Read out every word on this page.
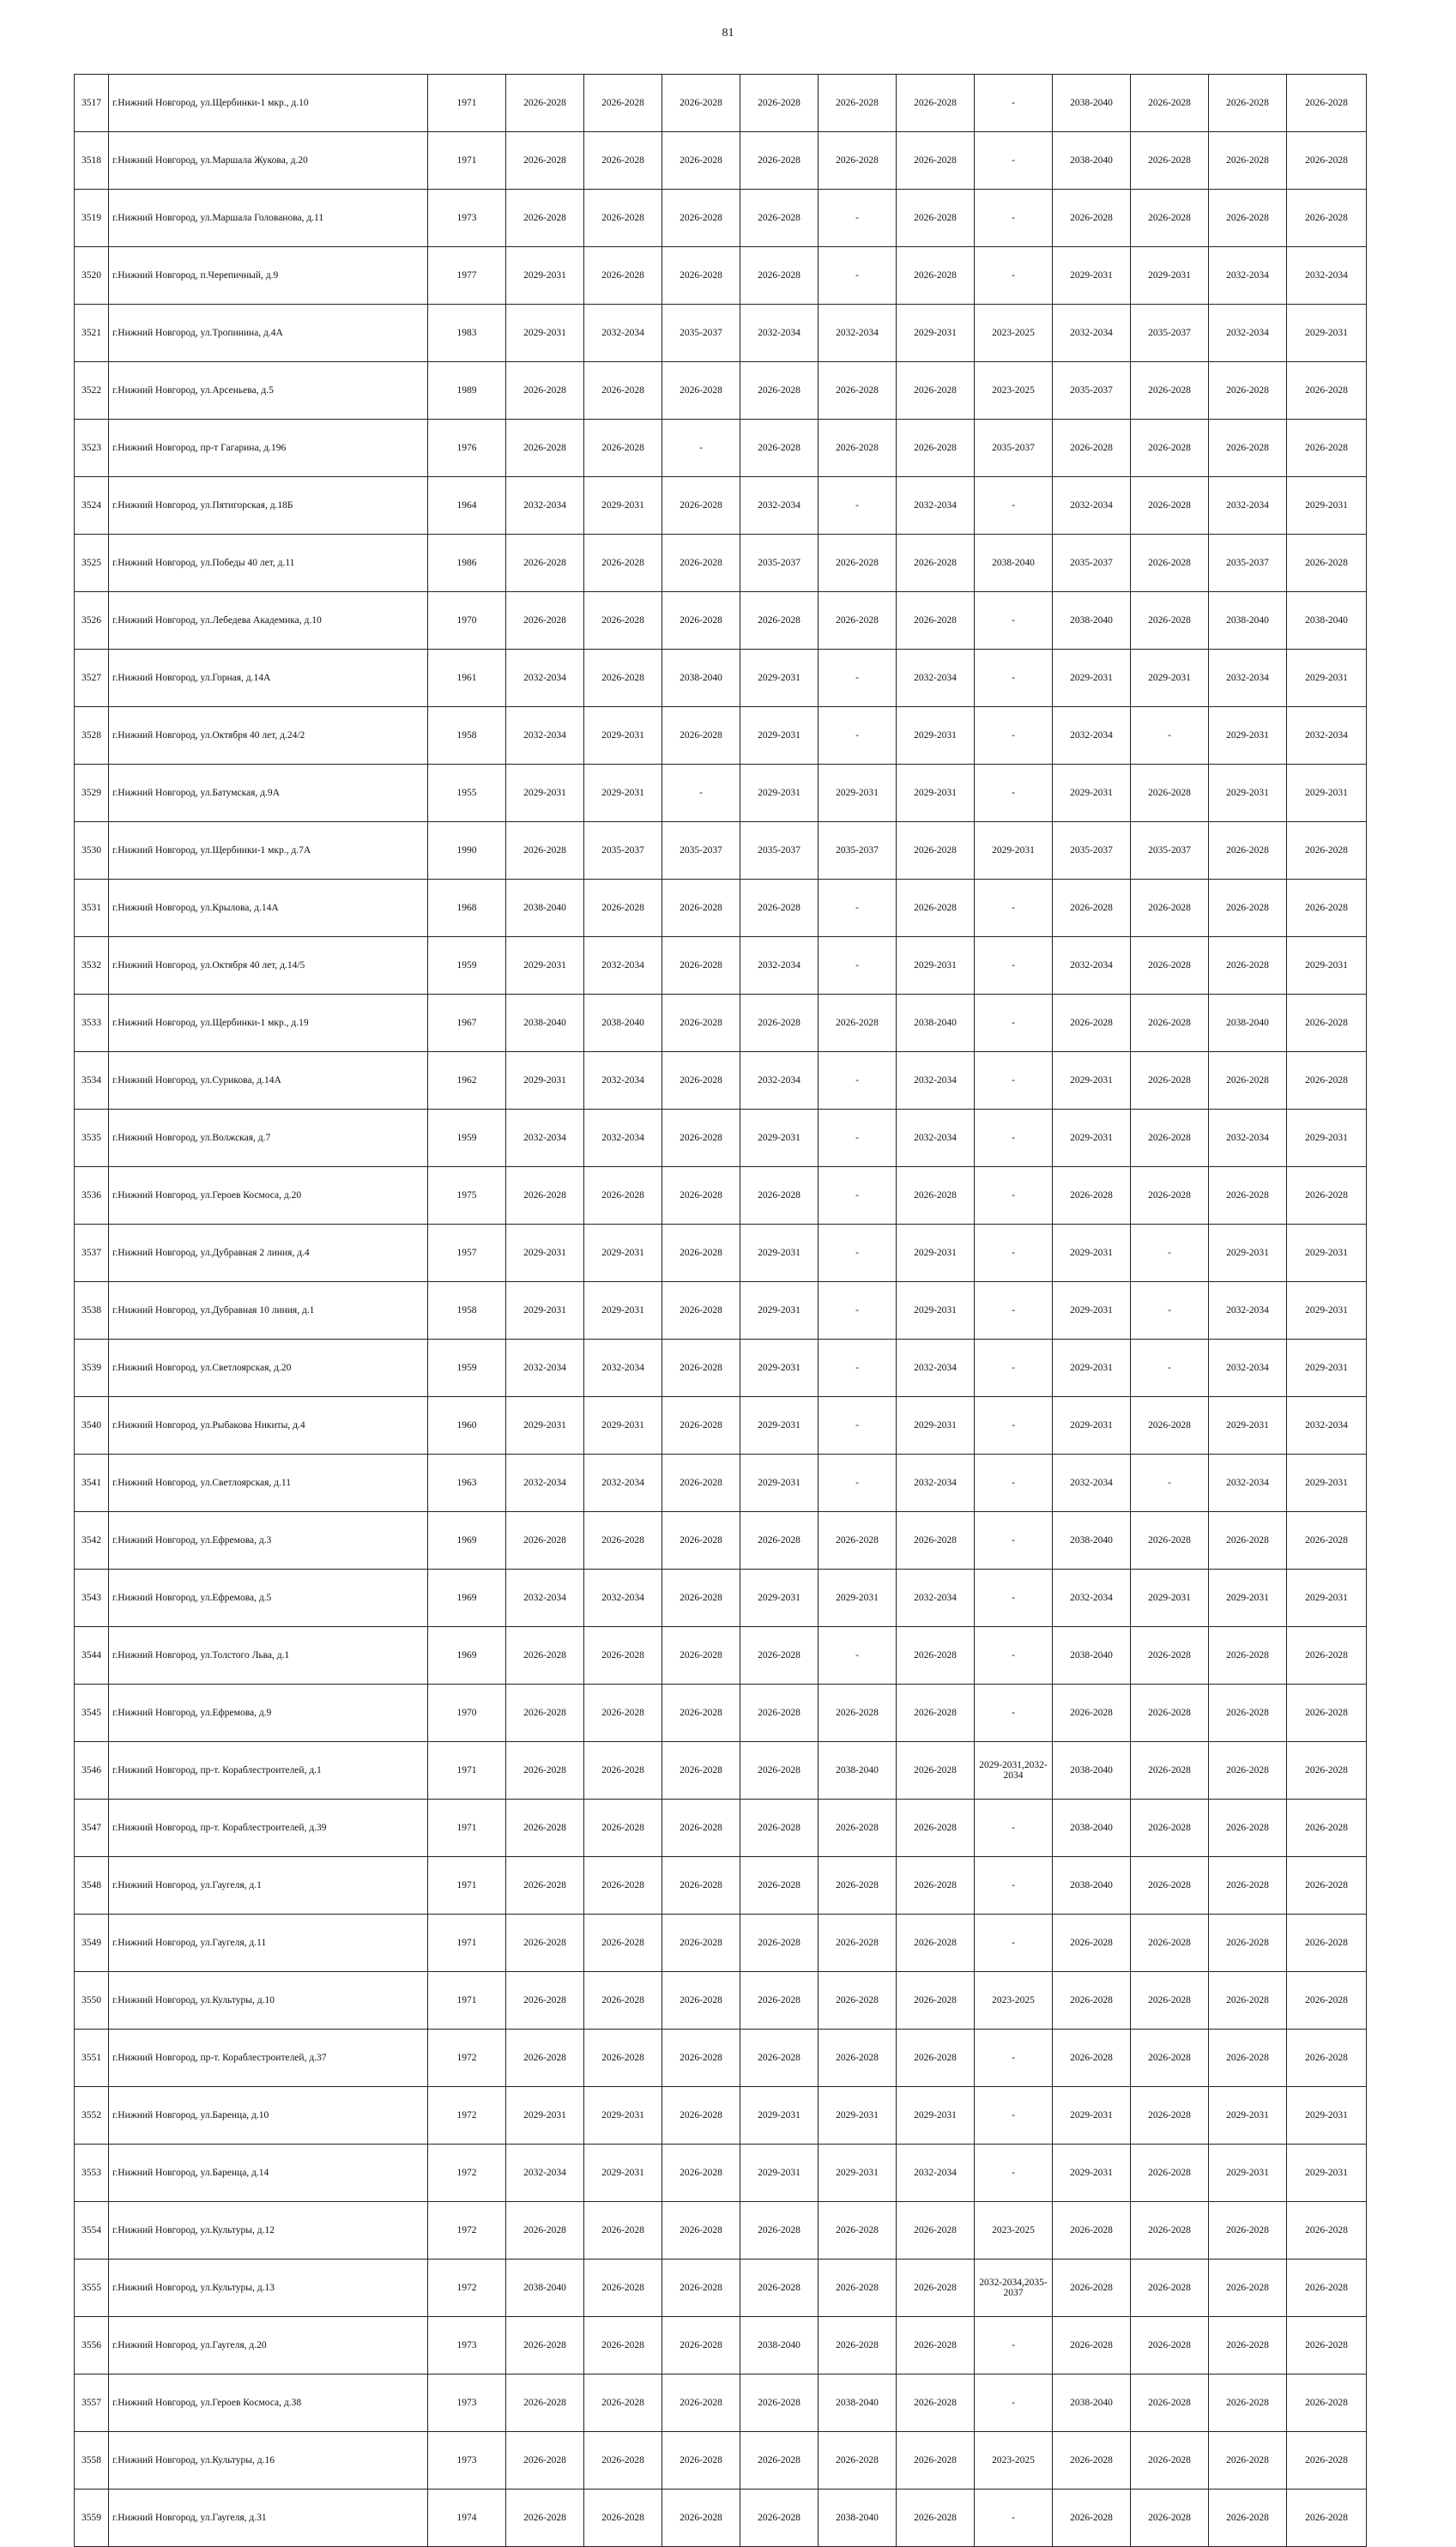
81
3517	г.Нижний Новгород, ул.Щербинки-1 мкр., д.10	1971	2026-2028	2026-2028	2026-2028	2026-2028	2026-2028	2026-2028	-	2038-2040	2026-2028	2026-2028	2026-2028
3518	г.Нижний Новгород, ул.Маршала Жукова, д.20	1971	2026-2028	2026-2028	2026-2028	2026-2028	2026-2028	2026-2028	-	2038-2040	2026-2028	2026-2028	2026-2028
3519	г.Нижний Новгород, ул.Маршала Голованова, д.11	1973	2026-2028	2026-2028	2026-2028	2026-2028	-	2026-2028	-	2026-2028	2026-2028	2026-2028	2026-2028
3520	г.Нижний Новгород, п.Черепичный, д.9	1977	2029-2031	2026-2028	2026-2028	2026-2028	-	2026-2028	-	2029-2031	2029-2031	2032-2034	2032-2034
3521	г.Нижний Новгород, ул.Тропинина, д.4А	1983	2029-2031	2032-2034	2035-2037	2032-2034	2032-2034	2029-2031	2023-2025	2032-2034	2035-2037	2032-2034	2029-2031
3522	г.Нижний Новгород, ул.Арсеньева, д.5	1989	2026-2028	2026-2028	2026-2028	2026-2028	2026-2028	2026-2028	2023-2025	2035-2037	2026-2028	2026-2028	2026-2028
3523	г.Нижний Новгород, пр-т Гагарина, д.196	1976	2026-2028	2026-2028	-	2026-2028	2026-2028	2026-2028	2035-2037	2026-2028	2026-2028	2026-2028	2026-2028
3524	г.Нижний Новгород, ул.Пятигорская, д.18Б	1964	2032-2034	2029-2031	2026-2028	2032-2034	-	2032-2034	-	2032-2034	2026-2028	2032-2034	2029-2031
3525	г.Нижний Новгород, ул.Победы 40 лет, д.11	1986	2026-2028	2026-2028	2026-2028	2035-2037	2026-2028	2026-2028	2038-2040	2035-2037	2026-2028	2035-2037	2026-2028
3526	г.Нижний Новгород, ул.Лебедева Академика, д.10	1970	2026-2028	2026-2028	2026-2028	2026-2028	2026-2028	2026-2028	-	2038-2040	2026-2028	2038-2040	2038-2040
3527	г.Нижний Новгород, ул.Горная, д.14А	1961	2032-2034	2026-2028	2038-2040	2029-2031	-	2032-2034	-	2029-2031	2029-2031	2032-2034	2029-2031
3528	г.Нижний Новгород, ул.Октября 40 лет, д.24/2	1958	2032-2034	2029-2031	2026-2028	2029-2031	-	2029-2031	-	2032-2034	-	2029-2031	2032-2034
3529	г.Нижний Новгород, ул.Батумская, д.9А	1955	2029-2031	2029-2031	-	2029-2031	2029-2031	2029-2031	-	2029-2031	2026-2028	2029-2031	2029-2031
3530	г.Нижний Новгород, ул.Щербинки-1 мкр., д.7А	1990	2026-2028	2035-2037	2035-2037	2035-2037	2035-2037	2026-2028	2029-2031	2035-2037	2035-2037	2026-2028	2026-2028
3531	г.Нижний Новгород, ул.Крылова, д.14А	1968	2038-2040	2026-2028	2026-2028	2026-2028	-	2026-2028	-	2026-2028	2026-2028	2026-2028	2026-2028
3532	г.Нижний Новгород, ул.Октября 40 лет, д.14/5	1959	2029-2031	2032-2034	2026-2028	2032-2034	-	2029-2031	-	2032-2034	2026-2028	2026-2028	2029-2031
3533	г.Нижний Новгород, ул.Щербинки-1 мкр., д.19	1967	2038-2040	2038-2040	2026-2028	2026-2028	2026-2028	2038-2040	-	2026-2028	2026-2028	2038-2040	2026-2028
3534	г.Нижний Новгород, ул.Сурикова, д.14А	1962	2029-2031	2032-2034	2026-2028	2032-2034	-	2032-2034	-	2029-2031	2026-2028	2026-2028	2026-2028
3535	г.Нижний Новгород, ул.Волжская, д.7	1959	2032-2034	2032-2034	2026-2028	2029-2031	-	2032-2034	-	2029-2031	2026-2028	2032-2034	2029-2031
3536	г.Нижний Новгород, ул.Героев Космоса, д.20	1975	2026-2028	2026-2028	2026-2028	2026-2028	-	2026-2028	-	2026-2028	2026-2028	2026-2028	2026-2028
3537	г.Нижний Новгород, ул.Дубравная 2 линия, д.4	1957	2029-2031	2029-2031	2026-2028	2029-2031	-	2029-2031	-	2029-2031	-	2029-2031	2029-2031
3538	г.Нижний Новгород, ул.Дубравная 10 линия, д.1	1958	2029-2031	2029-2031	2026-2028	2029-2031	-	2029-2031	-	2029-2031	-	2032-2034	2029-2031
3539	г.Нижний Новгород, ул.Светлоярская, д.20	1959	2032-2034	2032-2034	2026-2028	2029-2031	-	2032-2034	-	2029-2031	-	2032-2034	2029-2031
3540	г.Нижний Новгород, ул.Рыбакова Никиты, д.4	1960	2029-2031	2029-2031	2026-2028	2029-2031	-	2029-2031	-	2029-2031	2026-2028	2029-2031	2032-2034
3541	г.Нижний Новгород, ул.Светлоярская, д.11	1963	2032-2034	2032-2034	2026-2028	2029-2031	-	2032-2034	-	2032-2034	-	2032-2034	2029-2031
3542	г.Нижний Новгород, ул.Ефремова, д.3	1969	2026-2028	2026-2028	2026-2028	2026-2028	2026-2028	2026-2028	-	2038-2040	2026-2028	2026-2028	2026-2028
3543	г.Нижний Новгород, ул.Ефремова, д.5	1969	2032-2034	2032-2034	2026-2028	2029-2031	2029-2031	2032-2034	-	2032-2034	2029-2031	2029-2031	2029-2031
3544	г.Нижний Новгород, ул.Толстого Льва, д.1	1969	2026-2028	2026-2028	2026-2028	2026-2028	-	2026-2028	-	2038-2040	2026-2028	2026-2028	2026-2028
3545	г.Нижний Новгород, ул.Ефремова, д.9	1970	2026-2028	2026-2028	2026-2028	2026-2028	2026-2028	2026-2028	-	2026-2028	2026-2028	2026-2028	2026-2028
3546	г.Нижний Новгород, пр-т. Кораблестроителей, д.1	1971	2026-2028	2026-2028	2026-2028	2026-2028	2038-2040	2026-2028	2029-2031,2032-2034	2038-2040	2026-2028	2026-2028	2026-2028
3547	г.Нижний Новгород, пр-т. Кораблестроителей, д.39	1971	2026-2028	2026-2028	2026-2028	2026-2028	2026-2028	2026-2028	-	2038-2040	2026-2028	2026-2028	2026-2028
3548	г.Нижний Новгород, ул.Гаугеля, д.1	1971	2026-2028	2026-2028	2026-2028	2026-2028	2026-2028	2026-2028	-	2038-2040	2026-2028	2026-2028	2026-2028
3549	г.Нижний Новгород, ул.Гаугеля, д.11	1971	2026-2028	2026-2028	2026-2028	2026-2028	2026-2028	2026-2028	-	2026-2028	2026-2028	2026-2028	2026-2028
3550	г.Нижний Новгород, ул.Культуры, д.10	1971	2026-2028	2026-2028	2026-2028	2026-2028	2026-2028	2026-2028	2023-2025	2026-2028	2026-2028	2026-2028	2026-2028
3551	г.Нижний Новгород, пр-т. Кораблестроителей, д.37	1972	2026-2028	2026-2028	2026-2028	2026-2028	2026-2028	2026-2028	-	2026-2028	2026-2028	2026-2028	2026-2028
3552	г.Нижний Новгород, ул.Баренца, д.10	1972	2029-2031	2029-2031	2026-2028	2029-2031	2029-2031	2029-2031	-	2029-2031	2026-2028	2029-2031	2029-2031
3553	г.Нижний Новгород, ул.Баренца, д.14	1972	2032-2034	2029-2031	2026-2028	2029-2031	2029-2031	2032-2034	-	2029-2031	2026-2028	2029-2031	2029-2031
3554	г.Нижний Новгород, ул.Культуры, д.12	1972	2026-2028	2026-2028	2026-2028	2026-2028	2026-2028	2026-2028	2023-2025	2026-2028	2026-2028	2026-2028	2026-2028
3555	г.Нижний Новгород, ул.Культуры, д.13	1972	2038-2040	2026-2028	2026-2028	2026-2028	2026-2028	2026-2028	2032-2034,2035-2037	2026-2028	2026-2028	2026-2028	2026-2028
3556	г.Нижний Новгород, ул.Гаугеля, д.20	1973	2026-2028	2026-2028	2026-2028	2038-2040	2026-2028	2026-2028	-	2026-2028	2026-2028	2026-2028	2026-2028
3557	г.Нижний Новгород, ул.Героев Космоса, д.38	1973	2026-2028	2026-2028	2026-2028	2026-2028	2038-2040	2026-2028	-	2038-2040	2026-2028	2026-2028	2026-2028
3558	г.Нижний Новгород, ул.Культуры, д.16	1973	2026-2028	2026-2028	2026-2028	2026-2028	2026-2028	2026-2028	2023-2025	2026-2028	2026-2028	2026-2028	2026-2028
3559	г.Нижний Новгород, ул.Гаугеля, д.31	1974	2026-2028	2026-2028	2026-2028	2026-2028	2038-2040	2026-2028	-	2026-2028	2026-2028	2026-2028	2026-2028
